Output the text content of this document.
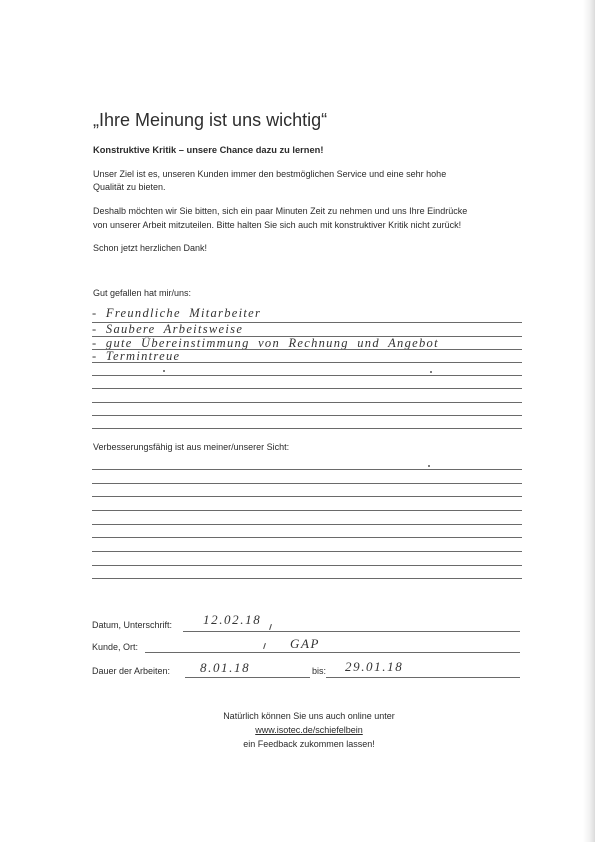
„Ihre Meinung ist uns wichtig“
Konstruktive Kritik – unsere Chance dazu zu lernen!
Unser Ziel ist es, unseren Kunden immer den bestmöglichen Service und eine sehr hohe
Qualität zu bieten.
Deshalb möchten wir Sie bitten, sich ein paar Minuten Zeit zu nehmen und uns Ihre Eindrücke
von unserer Arbeit mitzuteilen. Bitte halten Sie sich auch mit konstruktiver Kritik nicht zurück!
Schon jetzt herzlichen Dank!
Gut gefallen hat mir/uns:
- Freundliche Mitarbeiter
- Saubere Arbeitsweise
- gute Übereinstimmung von Rechnung und Angebot
- Termintreue
Verbesserungsfähig ist aus meiner/unserer Sicht:
Datum, Unterschrift: 12.02.18
Kunde, Ort:	GAP
Dauer der Arbeiten: 8.01.18	bis: 29.01.18
Natürlich können Sie uns auch online unter
www.isotec.de/schiefelbein
ein Feedback zukommen lassen!
